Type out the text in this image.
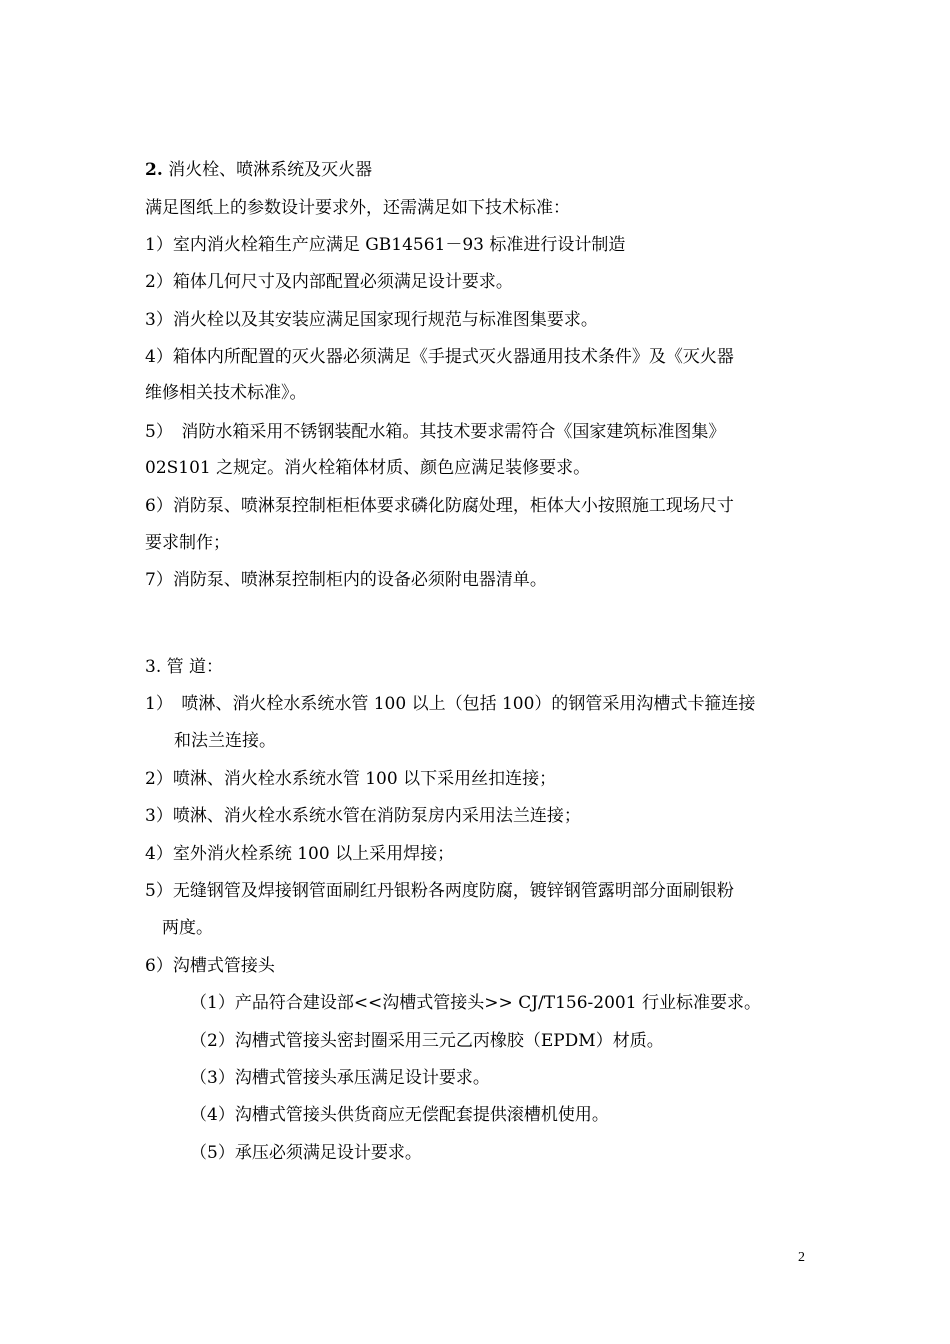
2. 消火栓、喷淋系统及灭火器
满足图纸上的参数设计要求外，还需满足如下技术标准：
1）室内消火栓箱生产应满足 GB14561－93 标准进行设计制造
2）箱体几何尺寸及内部配置必须满足设计要求。
3）消火栓以及其安装应满足国家现行规范与标准图集要求。
4）箱体内所配置的灭火器必须满足《手提式灭火器通用技术条件》及《灭火器
维修相关技术标准》。
5）　消防水箱采用不锈钢装配水箱。其技术要求需符合《国家建筑标准图集》
02S101 之规定。消火栓箱体材质、颜色应满足装修要求。
6）消防泵、喷淋泵控制柜柜体要求磷化防腐处理，柜体大小按照施工现场尺寸
要求制作；
7）消防泵、喷淋泵控制柜内的设备必须附电器清单。
3. 管 道：
1）　喷淋、消火栓水系统水管 100 以上（包括 100）的钢管采用沟槽式卡箍连接
和法兰连接。
2）喷淋、消火栓水系统水管 100 以下采用丝扣连接；
3）喷淋、消火栓水系统水管在消防泵房内采用法兰连接；
4）室外消火栓系统 100 以上采用焊接；
5）无缝钢管及焊接钢管面刷红丹银粉各两度防腐，镀锌钢管露明部分面刷银粉
两度。
6）沟槽式管接头
（1）产品符合建设部<<沟槽式管接头>> CJ/T156-2001 行业标准要求。
（2）沟槽式管接头密封圈采用三元乙丙橡胶（EPDM）材质。
（3）沟槽式管接头承压满足设计要求。
（4）沟槽式管接头供货商应无偿配套提供滚槽机使用。
（5）承压必须满足设计要求。
2
